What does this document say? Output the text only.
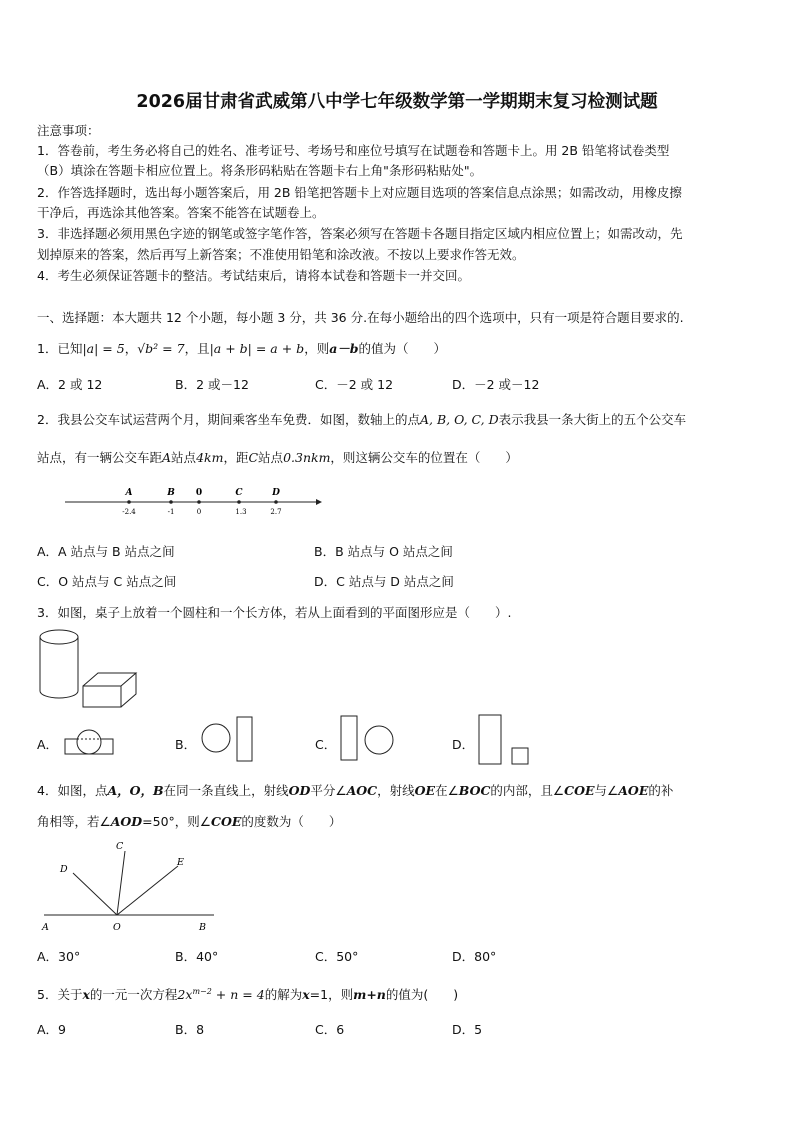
2026届甘肃省武威第八中学七年级数学第一学期期末复习检测试题
注意事项：
1．答卷前，考生务必将自己的姓名、准考证号、考场号和座位号填写在试题卷和答题卡上。用 2B 铅笔将试卷类型
（B）填涂在答题卡相应位置上。将条形码粘贴在答题卡右上角"条形码粘贴处"。
2．作答选择题时，选出每小题答案后，用 2B 铅笔把答题卡上对应题目选项的答案信息点涂黑；如需改动，用橡皮擦
干净后，再选涂其他答案。答案不能答在试题卷上。
3．非选择题必须用黑色字迹的钢笔或签字笔作答，答案必须写在答题卡各题目指定区域内相应位置上；如需改动，先
划掉原来的答案，然后再写上新答案；不准使用铅笔和涂改液。不按以上要求作答无效。
4．考生必须保证答题卡的整洁。考试结束后，请将本试卷和答题卡一并交回。
一、选择题：本大题共 12 个小题，每小题 3 分，共 36 分.在每小题给出的四个选项中，只有一项是符合题目要求的.
1．已知|a| = 5，√b² = 7，且|a + b| = a + b，则a－b的值为（　　）
A．2 或 12	B．2 或－12	C．－2 或 12	D．－2 或－12
2．我县公交车试运营两个月，期间乘客坐车免费．如图，数轴上的点A, B, O, C, D表示我县一条大街上的五个公交车
站点，有一辆公交车距A站点4km，距C站点0.3nkm，则这辆公交车的位置在（　　）
A	B 0	C	D
-2.4	-1	0	1.3	2.7
A．A 站点与 B 站点之间	B．B 站点与 O 站点之间
C．O 站点与 C 站点之间	D．C 站点与 D 站点之间
3．如图，桌子上放着一个圆柱和一个长方体，若从上面看到的平面图形应是（　　）.
A．	B．	C．	D．
4．如图，点A，O，B在同一条直线上，射线OD平分∠AOC，射线OE在∠BOC的内部，且∠COE与∠AOE的补
角相等，若∠AOD=50°，则∠COE的度数为（　　）
A	O	B
C
D
E
A．30°	B．40°	C．50°	D．80°
5．关于x的一元一次方程$2x^{m-2} + n = 4$的解为x=1，则m+n的值为(　　)
A．9	B．8	C．6	D．5
